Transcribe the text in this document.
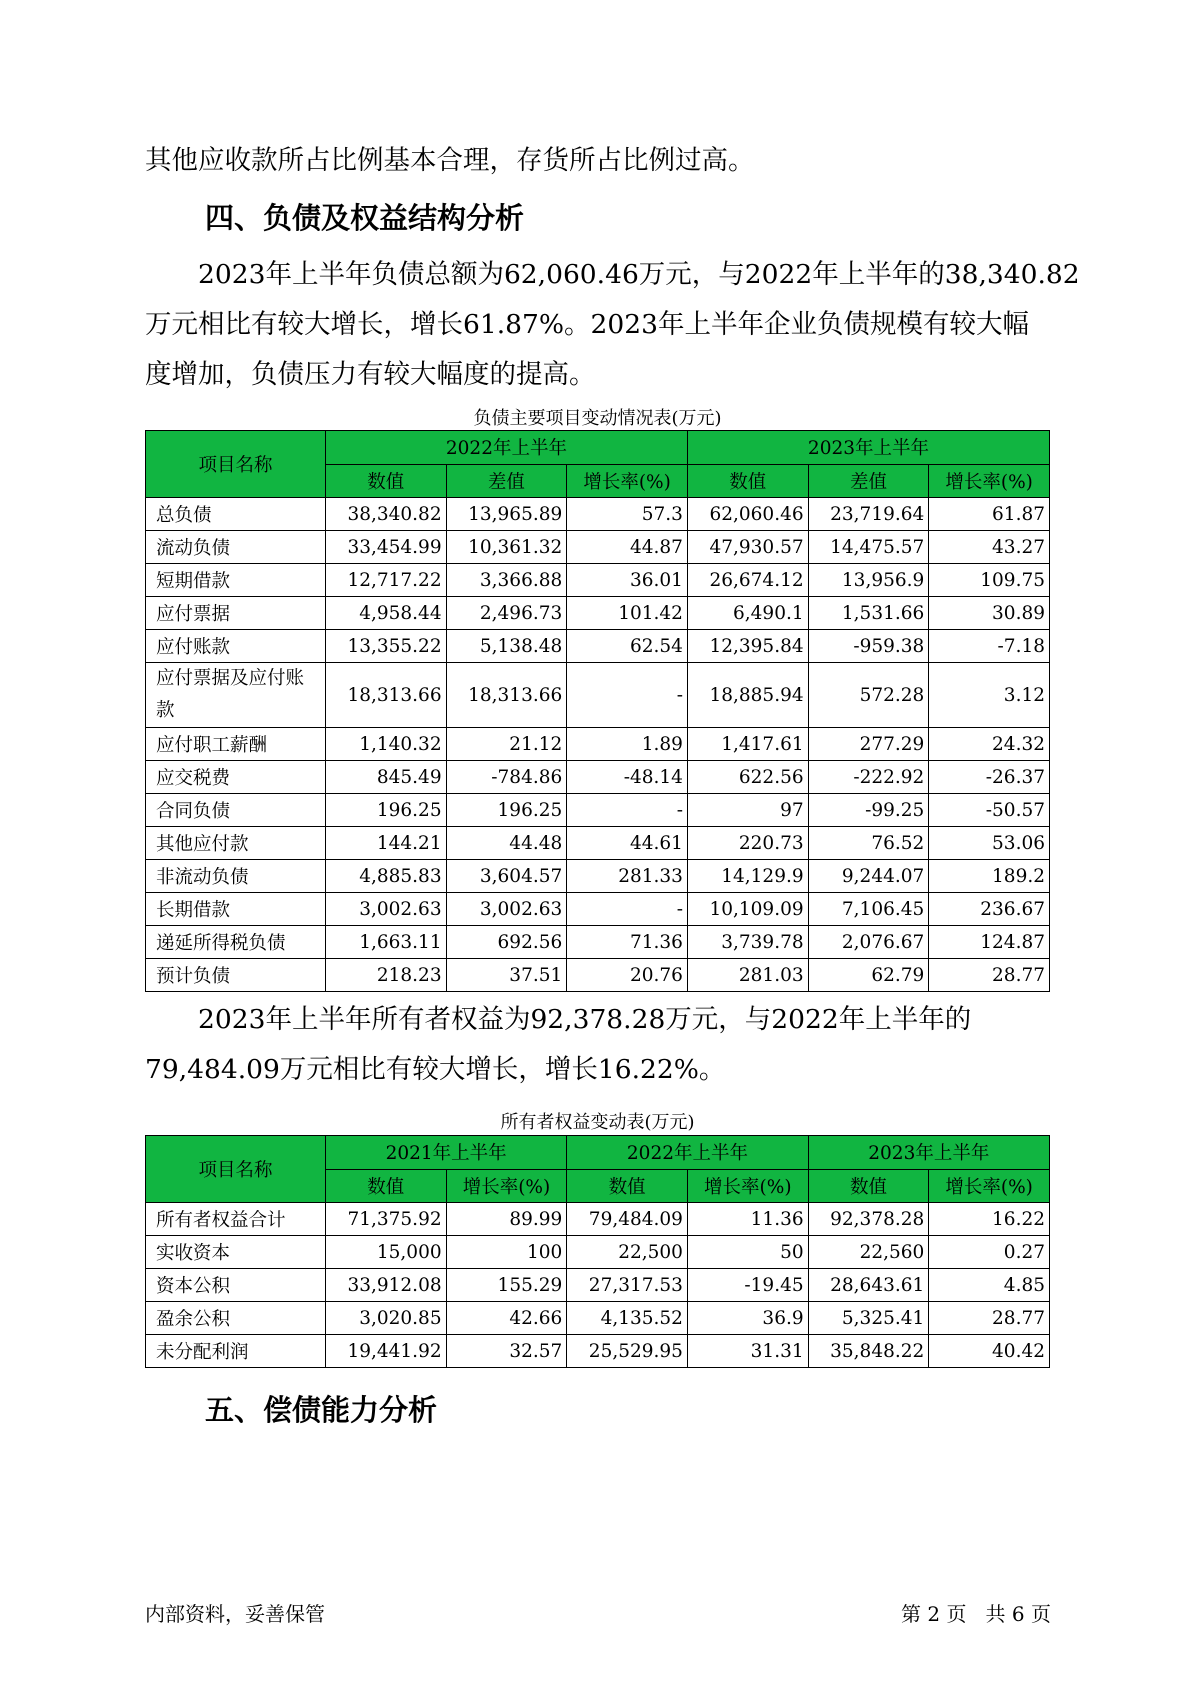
其他应收款所占比例基本合理，存货所占比例过高。
四、负债及权益结构分析
2023年上半年负债总额为62,060.46万元，与2022年上半年的38,340.82
万元相比有较大增长，增长61.87%。2023年上半年企业负债规模有较大幅
度增加，负债压力有较大幅度的提高。
负债主要项目变动情况表(万元)
项目名称	2022年上半年			2023年上半年		
	数值	差值	增长率(%)	数值	差值	增长率(%)
总负债	38,340.82	13,965.89	57.3	62,060.46	23,719.64	61.87
流动负债	33,454.99	10,361.32	44.87	47,930.57	14,475.57	43.27
短期借款	12,717.22	3,366.88	36.01	26,674.12	13,956.9	109.75
应付票据	4,958.44	2,496.73	101.42	6,490.1	1,531.66	30.89
应付账款	13,355.22	5,138.48	62.54	12,395.84	-959.38	-7.18
应付票据及应付账款	18,313.66	18,313.66	-	18,885.94	572.28	3.12
应付职工薪酬	1,140.32	21.12	1.89	1,417.61	277.29	24.32
应交税费	845.49	-784.86	-48.14	622.56	-222.92	-26.37
合同负债	196.25	196.25	-	97	-99.25	-50.57
其他应付款	144.21	44.48	44.61	220.73	76.52	53.06
非流动负债	4,885.83	3,604.57	281.33	14,129.9	9,244.07	189.2
长期借款	3,002.63	3,002.63	-	10,109.09	7,106.45	236.67
递延所得税负债	1,663.11	692.56	71.36	3,739.78	2,076.67	124.87
预计负债	218.23	37.51	20.76	281.03	62.79	28.77
2023年上半年所有者权益为92,378.28万元，与2022年上半年的
79,484.09万元相比有较大增长，增长16.22%。
所有者权益变动表(万元)
项目名称	2021年上半年		2022年上半年		2023年上半年	
	数值	增长率(%)	数值	增长率(%)	数值	增长率(%)
所有者权益合计	71,375.92	89.99	79,484.09	11.36	92,378.28	16.22
实收资本	15,000	100	22,500	50	22,560	0.27
资本公积	33,912.08	155.29	27,317.53	-19.45	28,643.61	4.85
盈余公积	3,020.85	42.66	4,135.52	36.9	5,325.41	28.77
未分配利润	19,441.92	32.57	25,529.95	31.31	35,848.22	40.42
五、偿债能力分析
内部资料，妥善保管	第 2 页   共 6 页
